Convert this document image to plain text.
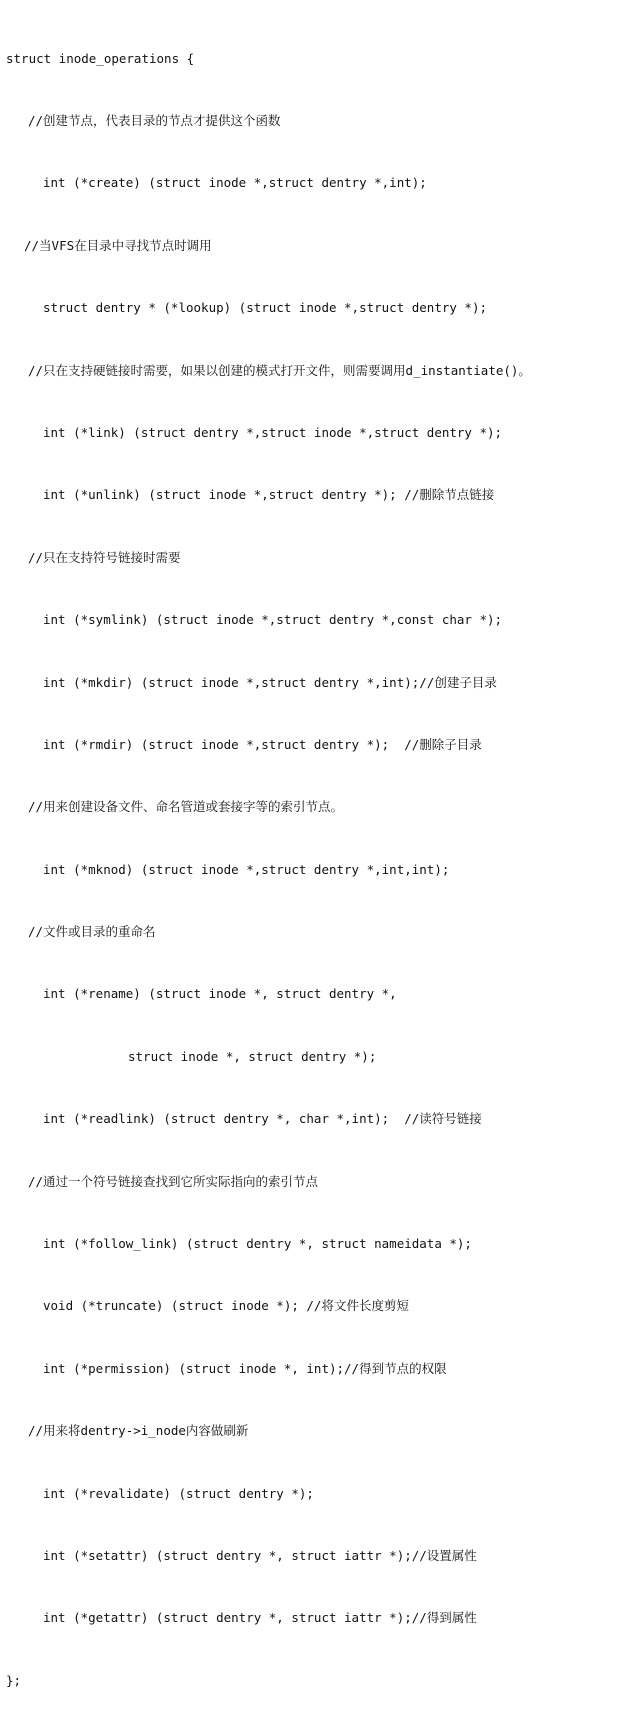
struct inode_operations {

//创建节点，代表目录的节点才提供这个函数

int (*create) (struct inode *,struct dentry *,int);

//当VFS在目录中寻找节点时调用

struct dentry * (*lookup) (struct inode *,struct dentry *);

//只在支持硬链接时需要，如果以创建的模式打开文件，则需要调用d_instantiate()。

int (*link) (struct dentry *,struct inode *,struct dentry *);

int (*unlink) (struct inode *,struct dentry *); //删除节点链接

//只在支持符号链接时需要

int (*symlink) (struct inode *,struct dentry *,const char *);

int (*mkdir) (struct inode *,struct dentry *,int);//创建子目录

int (*rmdir) (struct inode *,struct dentry *);  //删除子目录

//用来创建设备文件、命名管道或套接字等的索引节点。

int (*mknod) (struct inode *,struct dentry *,int,int);

//文件或目录的重命名

int (*rename) (struct inode *, struct dentry *,

struct inode *, struct dentry *);

int (*readlink) (struct dentry *, char *,int);  //读符号链接

//通过一个符号链接查找到它所实际指向的索引节点

int (*follow_link) (struct dentry *, struct nameidata *);

void (*truncate) (struct inode *); //将文件长度剪短

int (*permission) (struct inode *, int);//得到节点的权限

//用来将dentry->i_node内容做刷新

int (*revalidate) (struct dentry *);

int (*setattr) (struct dentry *, struct iattr *);//设置属性

int (*getattr) (struct dentry *, struct iattr *);//得到属性

};
